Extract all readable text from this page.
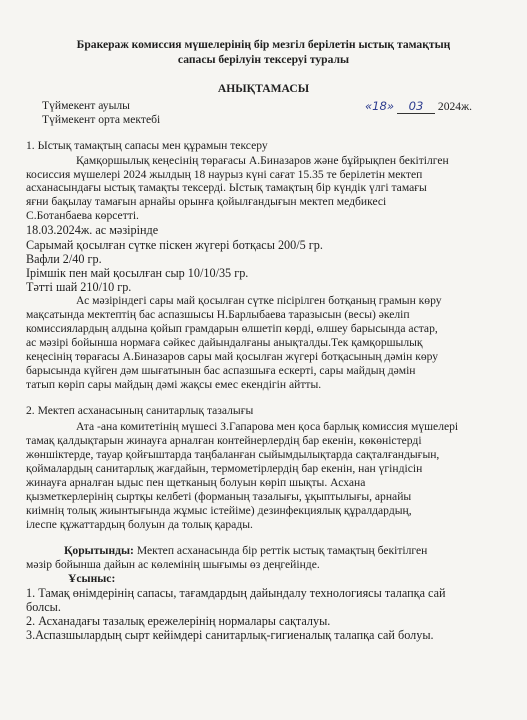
Бракераж комиссия мүшелерінің бір мезгіл берілетін ыстық тамақтың

сапасы берілуін тексеруі туралы

АНЫҚТАМАСЫ

Түймекент ауылы	«18» 03 2024ж.

Түймекент орта мектебі

1. Ыстық тамақтың сапасы мен құрамын тексеру

Қамқоршылық кеңесінің төрағасы А.Биназаров және бұйрықпен бекітілген

косиссия мүшелері 2024 жылдың 18 наурыз күні сағат 15.35 те берілетін мектеп

асханасындағы ыстық тамақты тексерді. Ыстық тамақтың бір күндік үлгі тамағы

яғни бақылау тамағын арнайы орынға қойылғандығын мектеп медбикесі

С.Ботанбаева көрсетті.

18.03.2024ж. ас мәзірінде

Сарымай қосылған сүтке піскен жүгері ботқасы 200/5 гр.

Вафли 2/40 гр.

Ірімшік пен май қосылған сыр 10/10/35 гр.

Тәтті шай 210/10 гр.

Ас мәзіріндегі сары май қосылған сүтке пісірілген ботқаның грамын көру

мақсатында мектептің бас аспазшысы Н.Барлыбаева таразысын (весы) әкеліп

комиссиялардың алдына қойып грамдарын өлшетіп көрді, өлшеу барысында астар,

ас мәзірі бойынша нормаға сәйкес дайындалғаны анықталды.Тек қамқоршылық

кеңесінің төрағасы А.Биназаров сары май қосылған жүгері ботқасының дәмін көру

барысында күйген дәм шығатынын бас аспазшыға ескерті, сары майдың дәмін

татып көріп сары майдың дәмі жақсы емес екендігін айтты.

2. Мектеп асханасының санитарлық тазалығы

Ата -ана комитетінің мүшесі З.Гапарова мен қоса барлық комиссия мүшелері

тамақ қалдықтарын жинауға арналған контейнерлердің бар екенін, көкөністерді

жөншіктерде, тауар қойғыштарда таңбаланған сыйымдылықтарда сақталғандығын,

қоймалардың санитарлық жағдайын, термометірлердің бар екенін, нан үгіндісін

жинауға арналған ыдыс пен щетканың болуын көріп шықты. Асхана

қызметкерлерінің сыртқы келбеті (форманың тазалығы, ұқыптылығы, арнайы

киімнің толық жиынтығында жұмыс істейіме) дезинфекциялық құралдардың,

ілеспе құжаттардың болуын да толық қарады.

Қорытынды: Мектеп асханасында бір реттік ыстық тамақтың бекітілген

мәзір бойынша дайын ас көлемінің шығымы өз деңгейінде.

Ұсыныс:

1. Тамақ өнімдерінің сапасы, тағамдардың дайындалу технологиясы талапқа сай

болсы.

2. Асханадағы тазалық ережелерінің нормалары сақталуы.

3.Аспазшылардың сырт кейімдері санитарлық-гигиеналық талапқа сай болуы.
